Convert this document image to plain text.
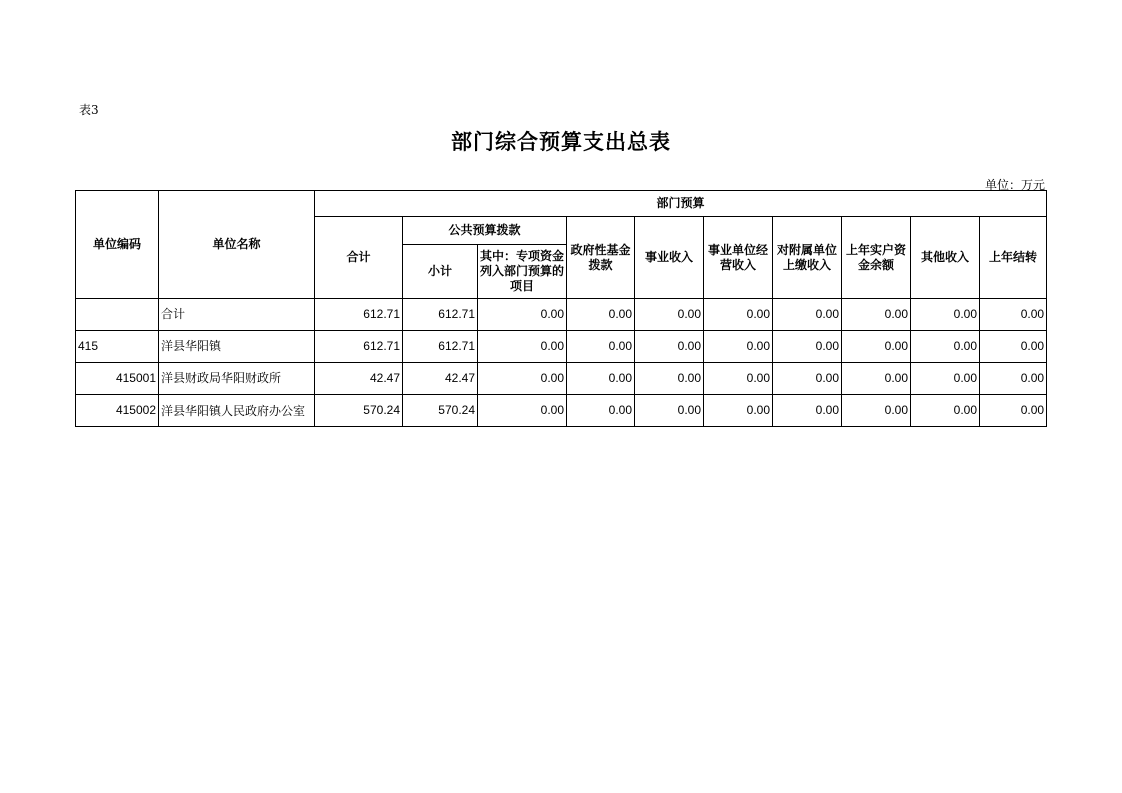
表3
部门综合预算支出总表
单位：万元
单位编码	单位名称	部门预算									
		合计	公共预算拨款		政府性基金拨款	事业收入	事业单位经营收入	对附属单位上缴收入	上年实户资金余额	其他收入	上年结转
			小计	其中：专项资金列入部门预算的项目							
	合计	612.71	612.71	0.00	0.00	0.00	0.00	0.00	0.00	0.00	0.00
415	洋县华阳镇	612.71	612.71	0.00	0.00	0.00	0.00	0.00	0.00	0.00	0.00
415001	洋县财政局华阳财政所	42.47	42.47	0.00	0.00	0.00	0.00	0.00	0.00	0.00	0.00
415002	洋县华阳镇人民政府办公室	570.24	570.24	0.00	0.00	0.00	0.00	0.00	0.00	0.00	0.00
